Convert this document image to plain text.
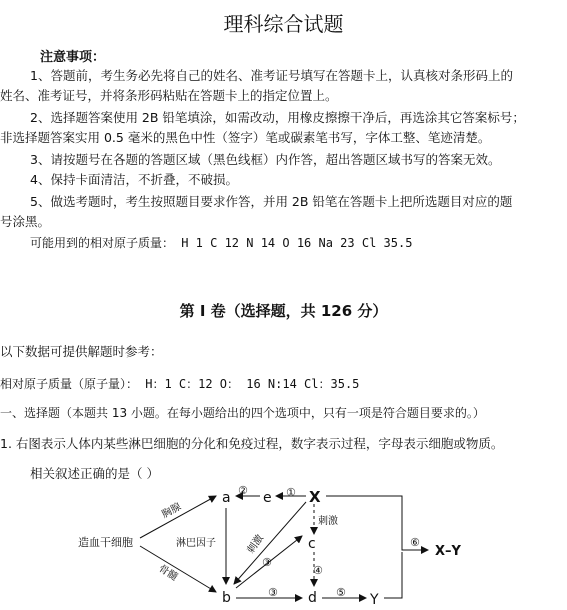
理科综合试题
注意事项：
1、答题前，考生务必先将自己的姓名、准考证号填写在答题卡上，认真核对条形码上的
姓名、准考证号，并将条形码粘贴在答题卡上的指定位置上。
2、选择题答案使用 2B 铅笔填涂，如需改动，用橡皮擦擦干净后，再选涂其它答案标号；
非选择题答案实用 0.5 毫米的黑色中性（签字）笔或碳素笔书写，字体工整、笔迹清楚。
3、请按题号在各题的答题区域（黑色线框）内作答，超出答题区域书写的答案无效。
4、保持卡面清洁，不折叠，不破损。
5、做选考题时，考生按照题目要求作答，并用 2B 铅笔在答题卡上把所选题目对应的题
号涂黑。
可能用到的相对原子质量： H 1 C 12 N 14 O 16 Na 23 Cl 35.5
第 I 卷（选择题，共 126 分）
以下数据可提供解题时参考：
相对原子质量（原子量）： H：1 C：12 O： 16 N:14 Cl：35.5
一、选择题（本题共 13 小题。在每小题给出的四个选项中，只有一项是符合题目要求的。）
1. 右图表示人体内某些淋巴细胞的分化和免疫过程，数字表示过程，字母表示细胞或物质。
相关叙述正确的是（ ）
造血干细胞
a e X
c
b	d	Y
X–Y
胸腺
骨髓
淋巴因子	刺激
刺激
①
②
③
③
④
⑤
⑥
